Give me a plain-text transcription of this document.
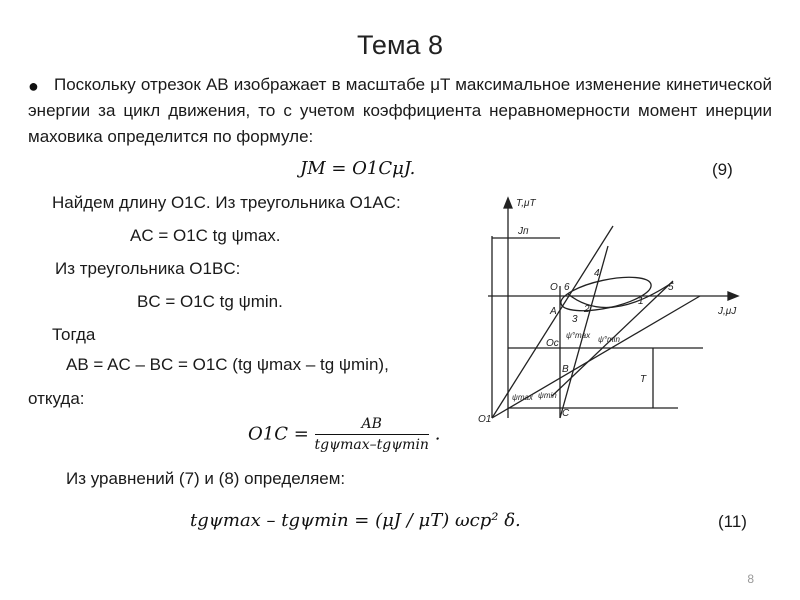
Тема 8
● Поскольку отрезок AB изображает в масштабе μT максимальное изменение кинетической энергии за цикл движения, то с учетом коэффициента неравномерности момент инерции маховика определится по формуле:
JM = O1CμJ.	(9)
Найдем длину O1C. Из треугольника O1AC:
AC = O1C tg ψmax.
Из треугольника O1BC:
BC = O1C tg ψmin.
Тогда
AB = AC – BC = O1C (tg ψmax – tg ψmin),
откуда:
$O1C = \frac{AB}{\text{tgψmax–tgψmin}}$ .
Из уравнений (7) и (8) определяем:
tgψmax – tgψmin = (μJ / μT) ωcp² δ.	(11)
8
T,μT
J,μJ
Jп
T
O 6
4
5
1
2
3
A
Oс
B
O1
C
ψmax ψmin
ψ°max ψ°min
